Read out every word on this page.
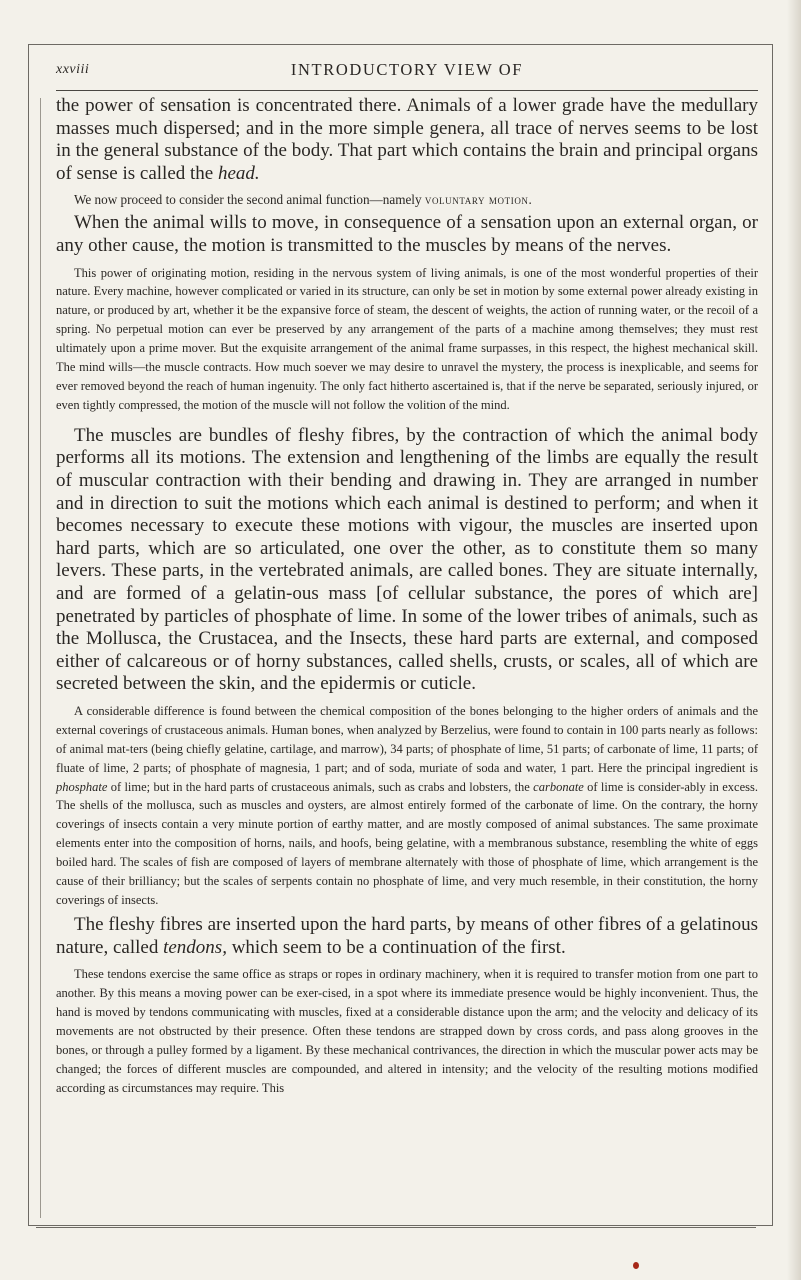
xxviii	INTRODUCTORY VIEW OF

the power of sensation is concentrated there. Animals of a lower grade have the medullary masses much dispersed; and in the more simple genera, all trace of nerves seems to be lost in the general substance of the body. That part which contains the brain and principal organs of sense is called the head.

We now proceed to consider the second animal function—namely voluntary motion.

When the animal wills to move, in consequence of a sensation upon an external organ, or any other cause, the motion is transmitted to the muscles by means of the nerves.

This power of originating motion, residing in the nervous system of living animals, is one of the most wonderful properties of their nature. Every machine, however complicated or varied in its structure, can only be set in motion by some external power already existing in nature, or produced by art, whether it be the expansive force of steam, the descent of weights, the action of running water, or the recoil of a spring. No perpetual motion can ever be preserved by any arrangement of the parts of a machine among themselves; they must rest ultimately upon a prime mover. But the exquisite arrangement of the animal frame surpasses, in this respect, the highest mechanical skill. The mind wills—the muscle contracts. How much soever we may desire to unravel the mystery, the process is inexplicable, and seems for ever removed beyond the reach of human ingenuity. The only fact hitherto ascertained is, that if the nerve be separated, seriously injured, or even tightly compressed, the motion of the muscle will not follow the volition of the mind.

The muscles are bundles of fleshy fibres, by the contraction of which the animal body performs all its motions. The extension and lengthening of the limbs are equally the result of muscular contraction with their bending and drawing in. They are arranged in number and in direction to suit the motions which each animal is destined to perform; and when it becomes necessary to execute these motions with vigour, the muscles are inserted upon hard parts, which are so articulated, one over the other, as to constitute them so many levers. These parts, in the vertebrated animals, are called bones. They are situate internally, and are formed of a gelatin-ous mass [of cellular substance, the pores of which are] penetrated by particles of phosphate of lime. In some of the lower tribes of animals, such as the Mollusca, the Crustacea, and the Insects, these hard parts are external, and composed either of calcareous or of horny substances, called shells, crusts, or scales, all of which are secreted between the skin, and the epidermis or cuticle.

A considerable difference is found between the chemical composition of the bones belonging to the higher orders of animals and the external coverings of crustaceous animals. Human bones, when analyzed by Berzelius, were found to contain in 100 parts nearly as follows: of animal mat-ters (being chiefly gelatine, cartilage, and marrow), 34 parts; of phosphate of lime, 51 parts; of carbonate of lime, 11 parts; of fluate of lime, 2 parts; of phosphate of magnesia, 1 part; and of soda, muriate of soda and water, 1 part. Here the principal ingredient is phosphate of lime; but in the hard parts of crustaceous animals, such as crabs and lobsters, the carbonate of lime is consider-ably in excess. The shells of the mollusca, such as muscles and oysters, are almost entirely formed of the carbonate of lime. On the contrary, the horny coverings of insects contain a very minute portion of earthy matter, and are mostly composed of animal substances. The same proximate elements enter into the composition of horns, nails, and hoofs, being gelatine, with a membranous substance, resembling the white of eggs boiled hard. The scales of fish are composed of layers of membrane alternately with those of phosphate of lime, which arrangement is the cause of their brilliancy; but the scales of serpents contain no phosphate of lime, and very much resemble, in their constitution, the horny coverings of insects.

The fleshy fibres are inserted upon the hard parts, by means of other fibres of a gelatinous nature, called tendons, which seem to be a continuation of the first.

These tendons exercise the same office as straps or ropes in ordinary machinery, when it is required to transfer motion from one part to another. By this means a moving power can be exer-cised, in a spot where its immediate presence would be highly inconvenient. Thus, the hand is moved by tendons communicating with muscles, fixed at a considerable distance upon the arm; and the velocity and delicacy of its movements are not obstructed by their presence. Often these tendons are strapped down by cross cords, and pass along grooves in the bones, or through a pulley formed by a ligament. By these mechanical contrivances, the direction in which the muscular power acts may be changed; the forces of different muscles are compounded, and altered in intensity; and the velocity of the resulting motions modified according as circumstances may require. This
